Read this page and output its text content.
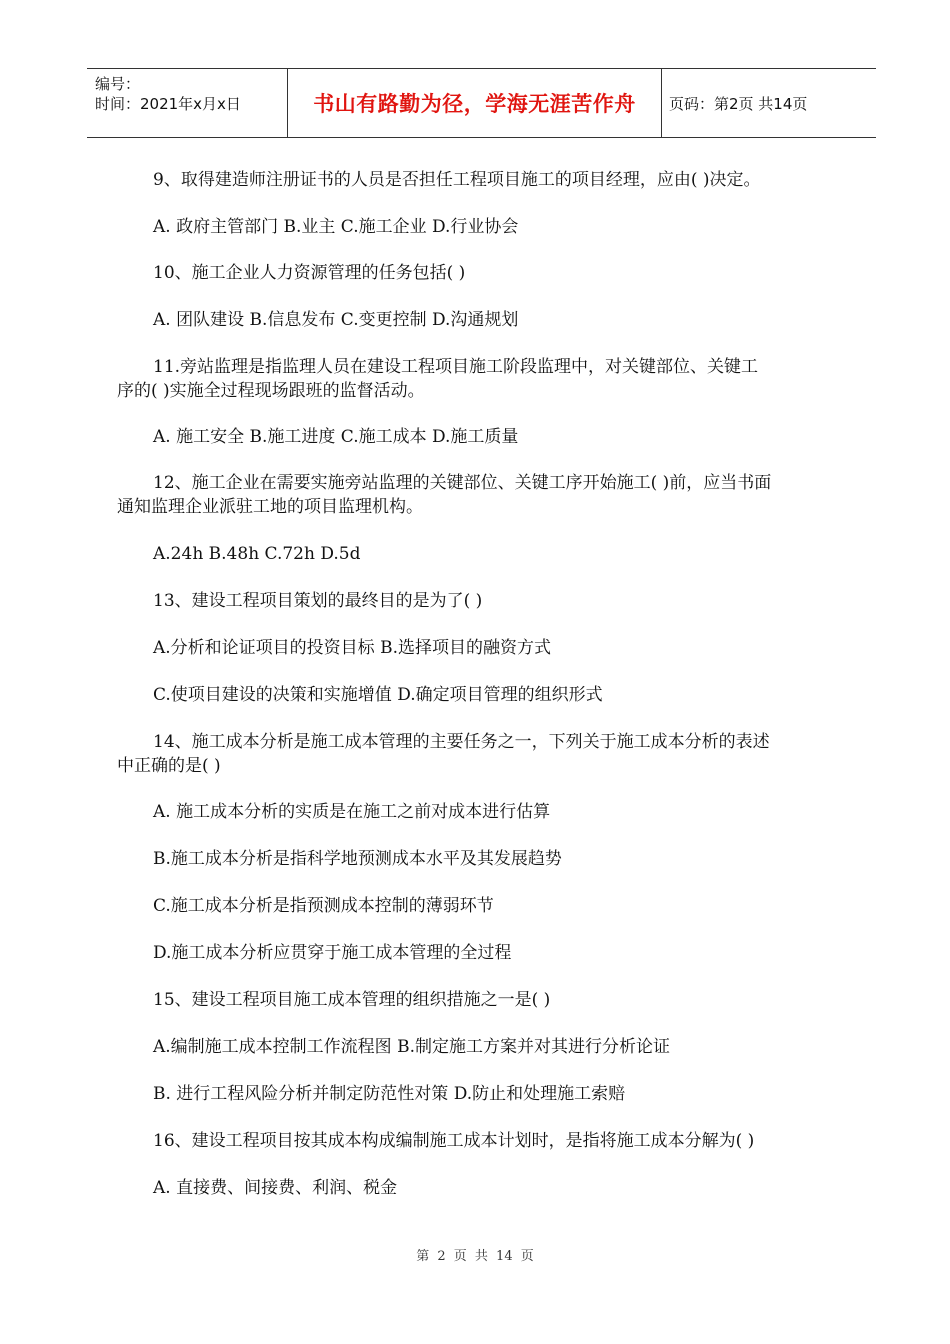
编号：
时间：2021年x月x日	书山有路勤为径，学海无涯苦作舟 页码：第2页 共14页

9、取得建造师注册证书的人员是否担任工程项目施工的项目经理，应由( )决定。

A. 政府主管部门 B.业主 C.施工企业 D.行业协会

10、施工企业人力资源管理的任务包括( )

A. 团队建设 B.信息发布 C.变更控制 D.沟通规划

11.旁站监理是指监理人员在建设工程项目施工阶段监理中，对关键部位、关键工

序的( )实施全过程现场跟班的监督活动。

A. 施工安全 B.施工进度 C.施工成本 D.施工质量

12、施工企业在需要实施旁站监理的关键部位、关键工序开始施工( )前，应当书面

通知监理企业派驻工地的项目监理机构。

A.24h B.48h C.72h D.5d

13、建设工程项目策划的最终目的是为了( )

A.分析和论证项目的投资目标 B.选择项目的融资方式

C.使项目建设的决策和实施增值 D.确定项目管理的组织形式

14、施工成本分析是施工成本管理的主要任务之一，下列关于施工成本分析的表述

中正确的是( )

A. 施工成本分析的实质是在施工之前对成本进行估算

B.施工成本分析是指科学地预测成本水平及其发展趋势

C.施工成本分析是指预测成本控制的薄弱环节

D.施工成本分析应贯穿于施工成本管理的全过程

15、建设工程项目施工成本管理的组织措施之一是( )

A.编制施工成本控制工作流程图 B.制定施工方案并对其进行分析论证

B. 进行工程风险分析并制定防范性对策 D.防止和处理施工索赔

16、建设工程项目按其成本构成编制施工成本计划时，是指将施工成本分解为( )

A. 直接费、间接费、利润、税金

第 2 页 共 14 页
